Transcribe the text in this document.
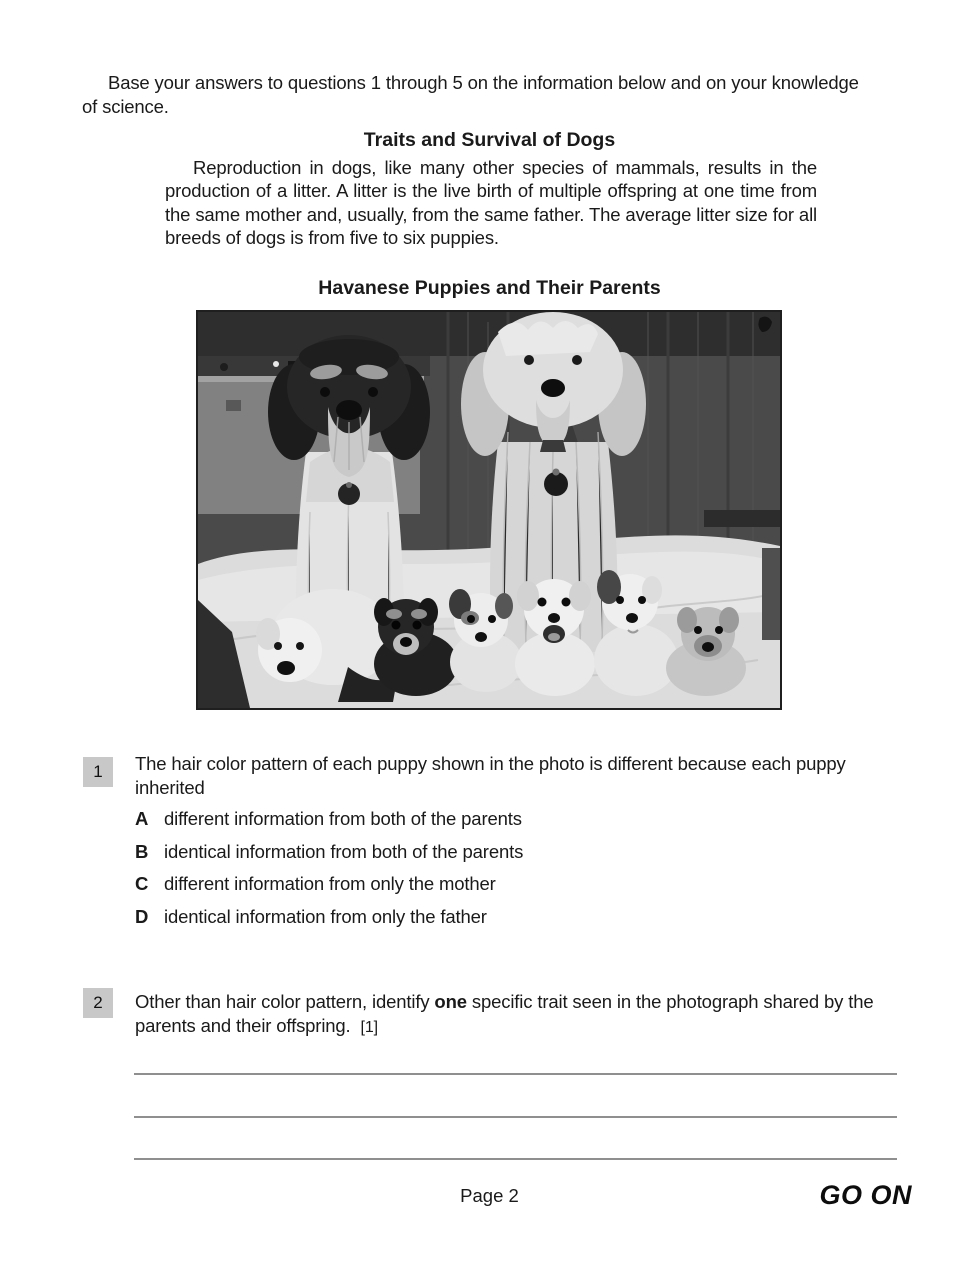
Base your answers to questions 1 through 5 on the information below and on your knowledge of science.

Traits and Survival of Dogs

Reproduction in dogs, like many other species of mammals, results in the production of a litter. A litter is the live birth of multiple offspring at one time from the same mother and, usually, from the same father. The average litter size for all breeds of dogs is from five to six puppies.

Havanese Puppies and Their Parents
1	The hair color pattern of each puppy shown in the photo is different because each puppy inherited

A different information from both of the parents
B identical information from both of the parents
C different information from only the mother
D identical information from only the father
2	Other than hair color pattern, identify one specific trait seen in the photograph shared by the parents and their offspring. [1]

Page 2	GO ON
